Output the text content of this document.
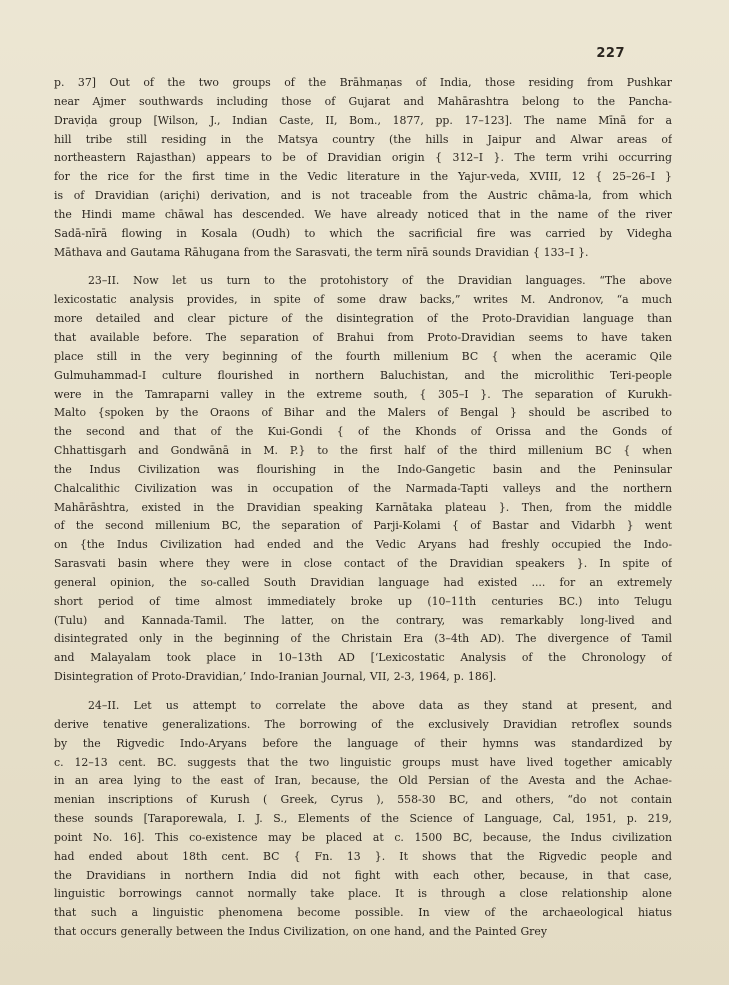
227
p. 37] Out of the two groups of the Brāhmaṇas of India, those residing from Pushkar
near Ajmer southwards including those of Gujarat and Mahārashtra belong to the Pancha-
Draviḍa group [Wilson, J., Indian Caste, II, Bom., 1877, pp. 17–123]. The name Mīnā for a
hill tribe still residing in the Matsya country (the hills in Jaipur and Alwar areas of
northeastern Rajasthan) appears to be of Dravidian origin { 312–I }. The term vrihi occurring
for the rice for the first time in the Vedic literature in the Yajur-veda, XVIII, 12 { 25–26–I }
is of Dravidian (ariçhi) derivation, and is not traceable from the Austric chāma-la, from which
the Hindi mame chāwal has descended. We have already noticed that in the name of the river
Sadā-nīrā flowing in Kosala (Oudh) to which the sacrificial fire was carried by Videgha
Māthava and Gautama Rāhugana from the Sarasvati, the term nīrā sounds Dravidian { 133–I }.
23–II. Now let us turn to the protohistory of the Dravidian languages. “The above
lexicostatic analysis provides, in spite of some draw backs,” writes M. Andronov, “a much
more detailed and clear picture of the disintegration of the Proto-Dravidian language than
that available before. The separation of Brahui from Proto-Dravidian seems to have taken
place still in the very beginning of the fourth millenium BC { when the aceramic Qile
Gulmuhammad-I culture flourished in northern Baluchistan, and the microlithic Teri-people
were in the Tamraparni valley in the extreme south, { 305–I }. The separation of Kurukh-
Malto {spoken by the Oraons of Bihar and the Malers of Bengal } should be ascribed to
the second and that of the Kui-Gondi { of the Khonds of Orissa and the Gonds of
Chhattisgarh and Gondwānā in M. P.} to the first half of the third millenium BC { when
the Indus Civilization was flourishing in the Indo-Gangetic basin and the Peninsular
Chalcalithic Civilization was in occupation of the Narmada-Tapti valleys and the northern
Mahārāshtra, existed in the Dravidian speaking Karnātaka plateau }. Then, from the middle
of the second millenium BC, the separation of Parji-Kolami { of Bastar and Vidarbh } went
on {the Indus Civilization had ended and the Vedic Aryans had freshly occupied the Indo-
Sarasvati basin where they were in close contact of the Dravidian speakers }. In spite of
general opinion, the so-called South Dravidian language had existed .... for an extremely
short period of time almost immediately broke up (10–11th centuries BC.) into Telugu
(Tulu) and Kannada-Tamil. The latter, on the contrary, was remarkably long-lived and
disintegrated only in the beginning of the Christain Era (3–4th AD). The divergence of Tamil
and Malayalam took place in 10–13th AD [‘Lexicostatic Analysis of the Chronology of
Disintegration of Proto-Dravidian,’ Indo-Iranian Journal, VII, 2-3, 1964, p. 186].
24–II. Let us attempt to correlate the above data as they stand at present, and
derive tenative generalizations. The borrowing of the exclusively Dravidian retroflex sounds
by the Rigvedic Indo-Aryans before the language of their hymns was standardized by
c. 12–13 cent. BC. suggests that the two linguistic groups must have lived together amicably
in an area lying to the east of Iran, because, the Old Persian of the Avesta and the Achae-
menian inscriptions of Kurush ( Greek, Cyrus ), 558-30 BC, and others, “do not contain
these sounds [Taraporewala, I. J. S., Elements of the Science of Language, Cal, 1951, p. 219,
point No. 16]. This co-existence may be placed at c. 1500 BC, because, the Indus civilization
had ended about 18th cent. BC { Fn. 13 }. It shows that the Rigvedic people and
the Dravidians in northern India did not fight with each other, because, in that case,
linguistic borrowings cannot normally take place. It is through a close relationship alone
that such a linguistic phenomena become possible. In view of the archaeological hiatus
that occurs generally between the Indus Civilization, on one hand, and the Painted Grey
